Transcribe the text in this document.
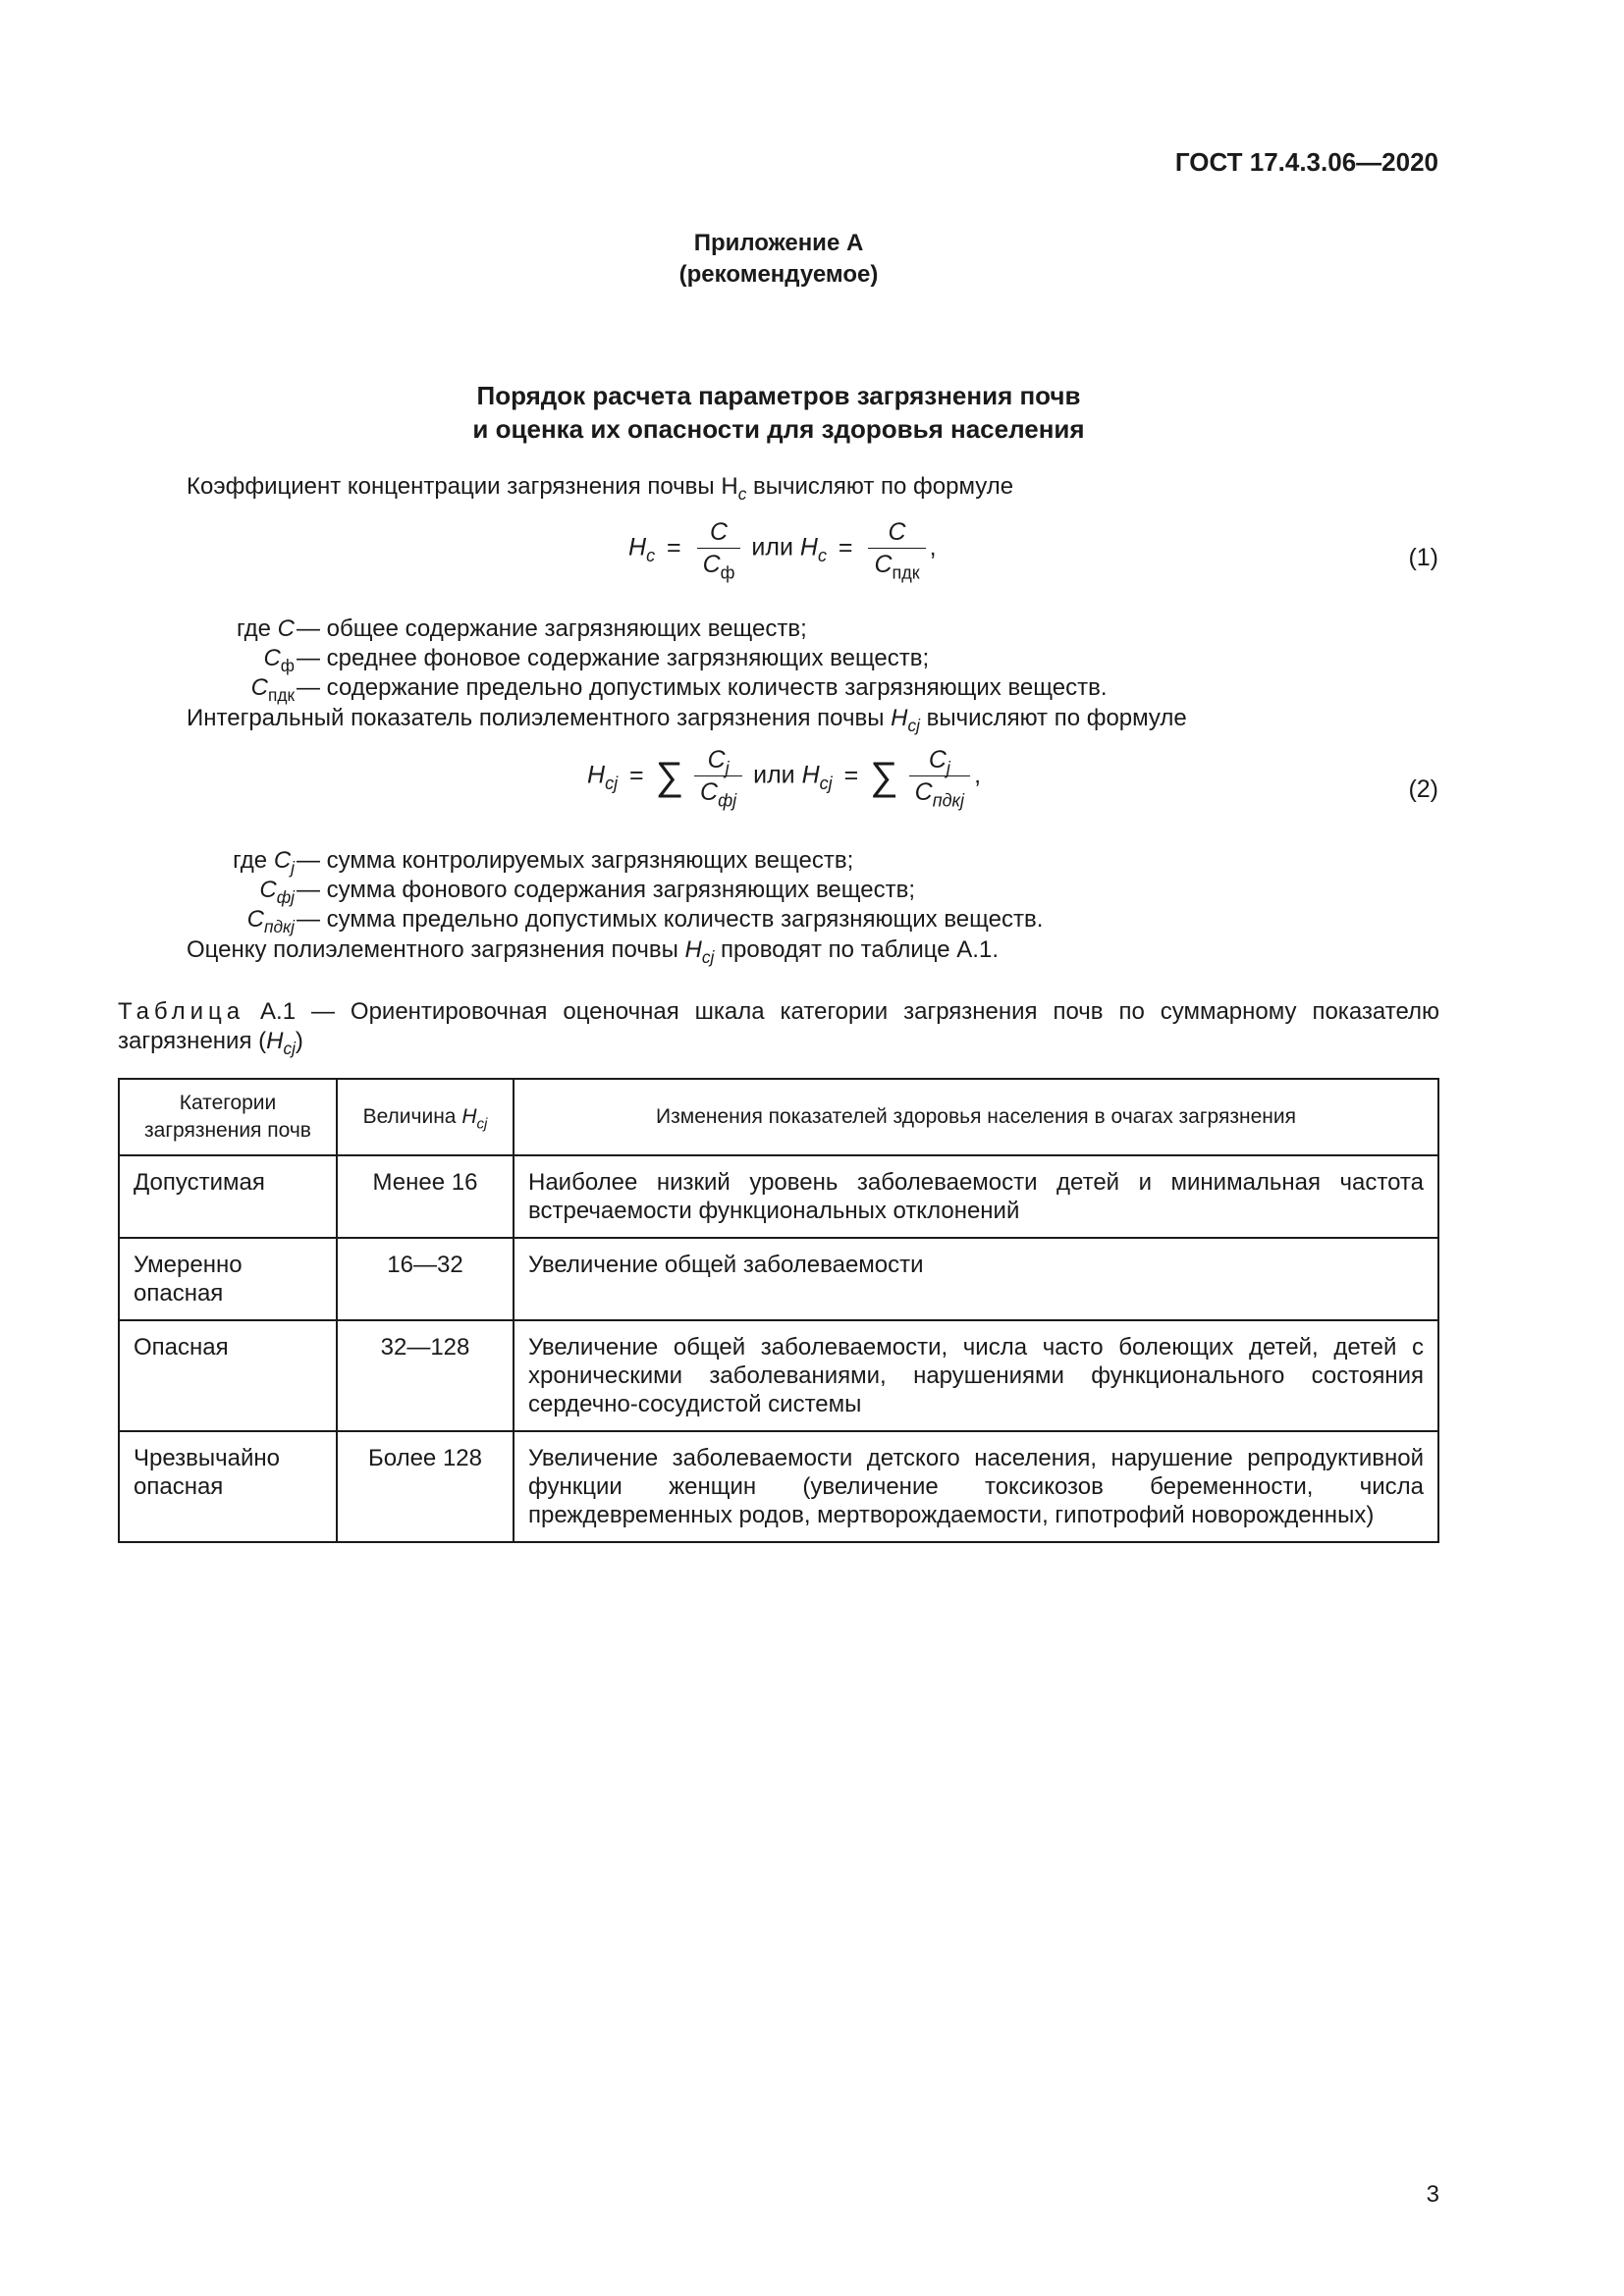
ГОСТ 17.4.3.06—2020
Приложение А
(рекомендуемое)
Порядок расчета параметров загрязнения почв
и оценка их опасности для здоровья населения
Коэффициент концентрации загрязнения почвы $Н_c$ вычисляют по формуле
$H_c = \frac{C}{C_ф}$ или $H_c = \frac{C}{C_{пдк}}$ ,	(1)
где C — общее содержание загрязняющих веществ;
$C_ф$ — среднее фоновое содержание загрязняющих веществ;
$C_{пдк}$ — содержание предельно допустимых количеств загрязняющих веществ.
Интегральный показатель полиэлементного загрязнения почвы $H_{cj}$ вычисляют по формуле
$H_{cj}$ = ∑ $\frac{C_j}{C_{фj}}$ или $H_{cj}$ = ∑ $\frac{C_j}{C_{пдкj}}$ ,
(2)
где $C_j$ — сумма контролируемых загрязняющих веществ;
$C_{фj}$ — сумма фонового содержания загрязняющих веществ;
$C_{пдкj}$ — сумма предельно допустимых количеств загрязняющих веществ.
Оценку полиэлементного загрязнения почвы $H_{cj}$ проводят по таблице А.1.
Таблица А.1 — Ориентировочная оценочная шкала категории загрязнения почв по суммарному показателю
загрязнения $(H_{cj})$
Категории загрязнения почв	Величина $H_{cj}$	Изменения показателей здоровья населения в очагах загрязнения
Допустимая	Менее 16	Наиболее низкий уровень заболеваемости детей и минимальная частота встречаемости функциональных отклонений
Умеренно опасная	16—32	Увеличение общей заболеваемости
Опасная	32—128	Увеличение общей заболеваемости, числа часто болеющих детей, детей с хроническими заболеваниями, нарушениями функционального состояния сердечно-сосудистой системы
Чрезвычайно опасная	Более 128	Увеличение заболеваемости детского населения, нарушение репродуктивной функции женщин (увеличение токсикозов беременности, числа преждевременных родов, мертворождаемости, гипотрофий новорожденных)
3
